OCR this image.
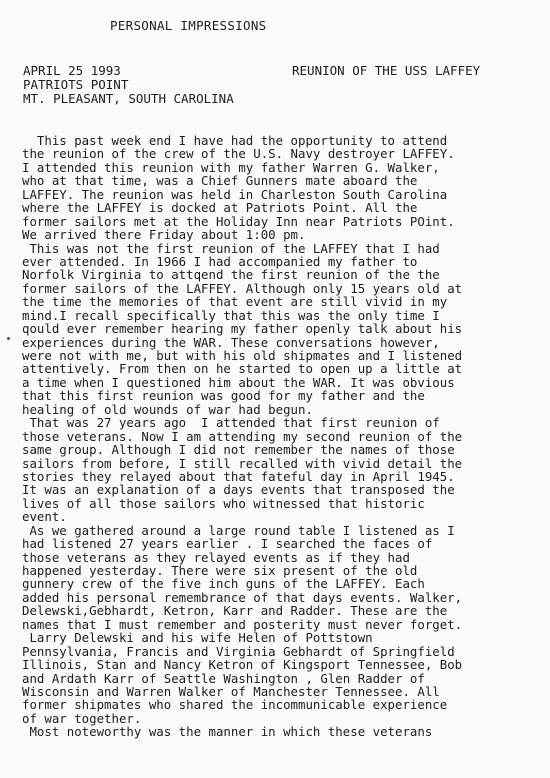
PERSONAL IMPRESSIONS
APRIL 25 1993
PATRIOTS POINT
MT. PLEASANT, SOUTH CAROLINA
REUNION OF THE USS LAFFEY
This past week end I have had the opportunity to attend
the reunion of the crew of the U.S. Navy destroyer LAFFEY.
I attended this reunion with my father Warren G. Walker,
who at that time, was a Chief Gunners mate aboard the
LAFFEY. The reunion was held in Charleston South Carolina
where the LAFFEY is docked at Patriots Point. All the
former sailors met at the Holiday Inn near Patriots POint.
We arrived there Friday about 1:00 pm.
This was not the first reunion of the LAFFEY that I had
ever attended. In 1966 I had accompanied my father to
Norfolk Virginia to attqend the first reunion of the the
former sailors of the LAFFEY. Although only 15 years old at
the time the memories of that event are still vivid in my
mind.I recall specifically that this was the only time I
qould ever remember hearing my father openly talk about his
experiences during the WAR. These conversations however,
were not with me, but with his old shipmates and I listened
attentively. From then on he started to open up a little at
a time when I questioned him about the WAR. It was obvious
that this first reunion was good for my father and the
healing of old wounds of war had begun.
That was 27 years ago  I attended that first reunion of
those veterans. Now I am attending my second reunion of the
same group. Although I did not remember the names of those
sailors from before, I still recalled with vivid detail the
stories they relayed about that fateful day in April 1945.
It was an explanation of a days events that transposed the
lives of all those sailors who witnessed that historic
event.
As we gathered around a large round table I listened as I
had listened 27 years earlier . I searched the faces of
those veterans as they relayed events as if they had
happened yesterday. There were six present of the old
gunnery crew of the five inch guns of the LAFFEY. Each
added his personal remembrance of that days events. Walker,
Delewski,Gebhardt, Ketron, Karr and Radder. These are the
names that I must remember and posterity must never forget.
Larry Delewski and his wife Helen of Pottstown
Pennsylvania, Francis and Virginia Gebhardt of Springfield
Illinois, Stan and Nancy Ketron of Kingsport Tennessee, Bob
and Ardath Karr of Seattle Washington , Glen Radder of
Wisconsin and Warren Walker of Manchester Tennessee. All
former shipmates who shared the incommunicable experience
of war together.
Most noteworthy was the manner in which these veterans
